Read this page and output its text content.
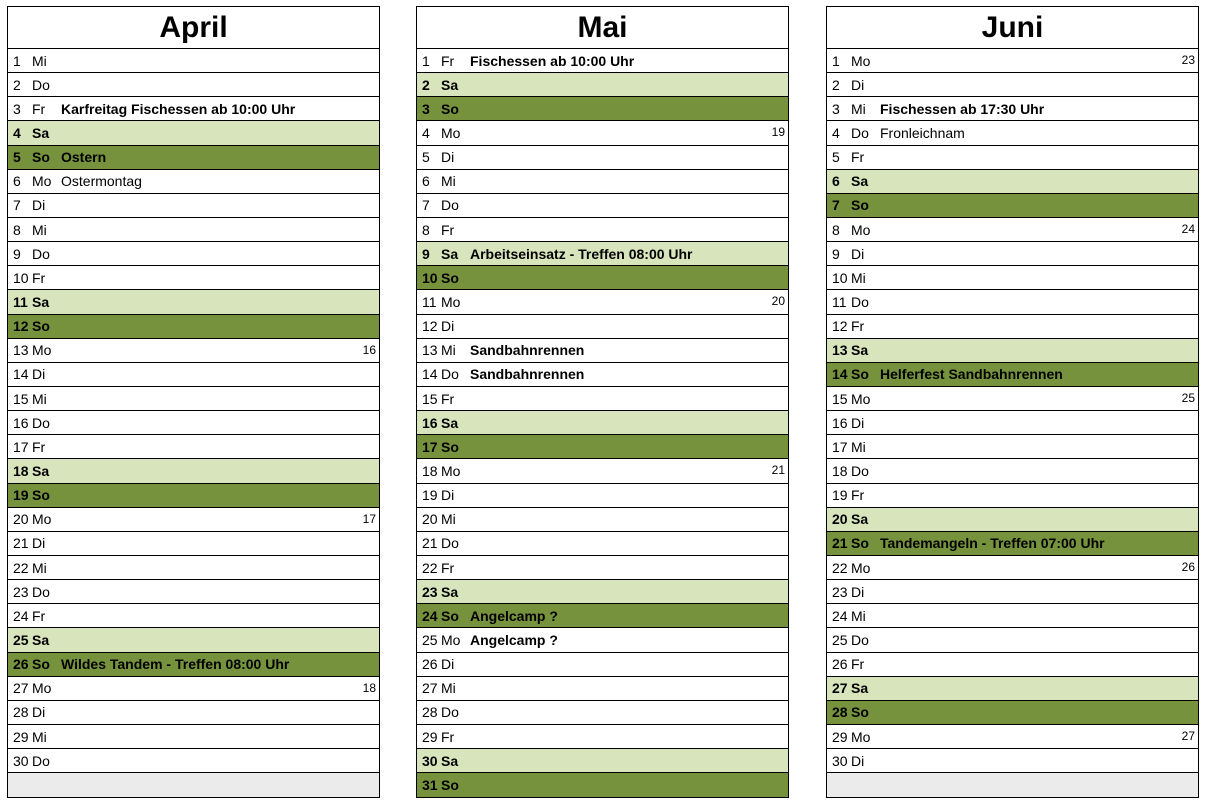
April
1 Mi
2 Do
3 Fr	Karfreitag Fischessen ab 10:00 Uhr
4 Sa
5 So Ostern
6 Mo Ostermontag
7 Di
8 Mi
9 Do
10 Fr
11 Sa
12 So
13 Mo	16
14 Di
15 Mi
16 Do
17 Fr
18 Sa
19 So
20 Mo	17
21 Di
22 Mi
23 Do
24 Fr
25 Sa
26 So Wildes Tandem - Treffen 08:00 Uhr
27 Mo	18
28 Di
29 Mi
30 Do
Mai
1 Fr	Fischessen ab 10:00 Uhr
2 Sa
3 So
4 Mo	19
5 Di
6 Mi
7 Do
8 Fr
9 Sa Arbeitseinsatz - Treffen 08:00 Uhr
10 So
11 Mo	20
12 Di
13 Mi	Sandbahnrennen
14 Do Sandbahnrennen
15 Fr
16 Sa
17 So
18 Mo	21
19 Di
20 Mi
21 Do
22 Fr
23 Sa
24 So Angelcamp ?
25 Mo Angelcamp ?
26 Di
27 Mi
28 Do
29 Fr
30 Sa
31 So
Juni
1 Mo	23
2 Di
3 Mi	Fischessen ab 17:30 Uhr
4 Do Fronleichnam
5 Fr
6 Sa
7 So
8 Mo	24
9 Di
10 Mi
11 Do
12 Fr
13 Sa
14 So Helferfest Sandbahnrennen
15 Mo	25
16 Di
17 Mi
18 Do
19 Fr
20 Sa
21 So Tandemangeln - Treffen 07:00 Uhr
22 Mo	26
23 Di
24 Mi
25 Do
26 Fr
27 Sa
28 So
29 Mo	27
30 Di
